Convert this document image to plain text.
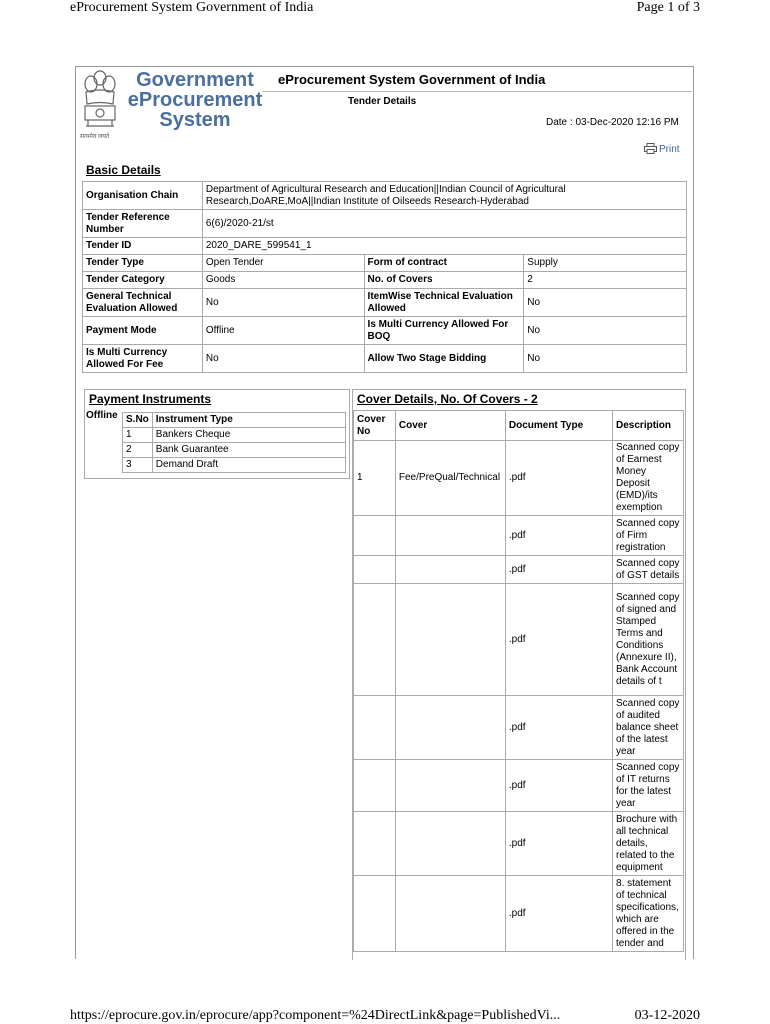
eProcurement System Government of India	Page 1 of 3
Government
eProcurement
System
सत्यमेव जयते
eProcurement System Government of India
Tender Details
Date : 03-Dec-2020 12:16 PM
Print
Basic Details
Organisation Chain	Department of Agricultural Research and Education||Indian Council of Agricultural Research,DoARE,MoA||Indian Institute of Oilseeds Research-Hyderabad		
Tender Reference Number	6(6)/2020-21/st		
Tender ID	2020_DARE_599541_1		
Tender Type	Open Tender	Form of contract	Supply
Tender Category	Goods	No. of Covers	2
General Technical Evaluation Allowed	No	ItemWise Technical Evaluation Allowed	No
Payment Mode	Offline	Is Multi Currency Allowed For BOQ	No
Is Multi Currency Allowed For Fee	No	Allow Two Stage Bidding	No
Payment Instruments
Offline S.No	Instrument Type
1	Bankers Cheque
2	Bank Guarantee
3	Demand Draft
Cover Details, No. Of Covers - 2
Cover No	Cover	Document Type	Description
1	Fee/PreQual/Technical	.pdf	Scanned copy of Earnest Money Deposit (EMD)/its exemption
		.pdf	Scanned copy of Firm registration
		.pdf	Scanned copy of GST details
		.pdf	Scanned copy of signed and Stamped Terms and Conditions (Annexure II), Bank Account details of t
		.pdf	Scanned copy of audited balance sheet of the latest year
		.pdf	Scanned copy of IT returns for the latest year
		.pdf	Brochure with all technical details, related to the equipment
		.pdf	8. statement of technical specifications, which are offered in the tender and
https://eprocure.gov.in/eprocure/app?component=%24DirectLink&page=PublishedVi...	03-12-2020
